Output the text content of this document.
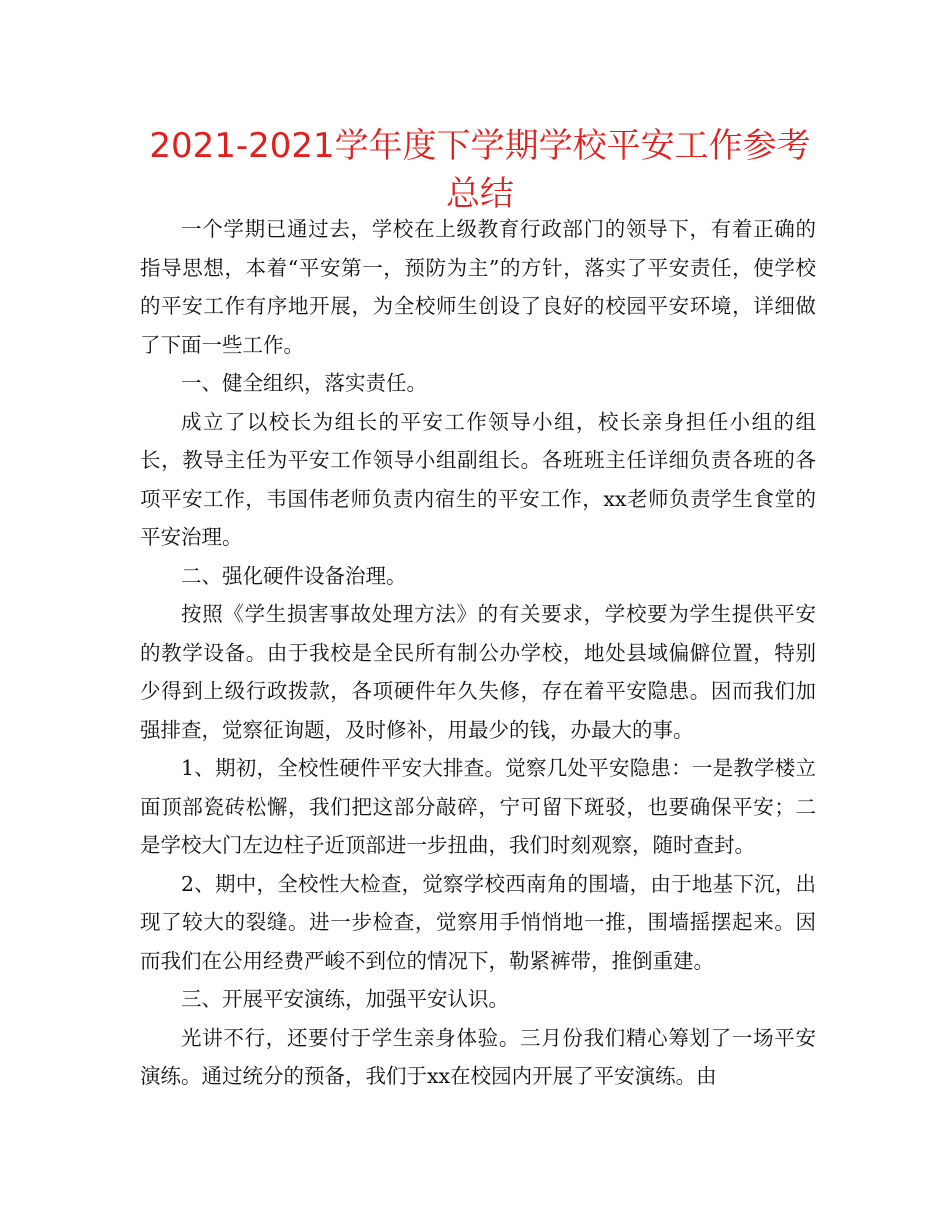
2021-2021学年度下学期学校平安工作参考总结

一个学期已通过去，学校在上级教育行政部门的领导下，有着正确的指导思想，本着“平安第一，预防为主”的方针，落实了平安责任，使学校的平安工作有序地开展，为全校师生创设了良好的校园平安环境，详细做了下面一些工作。

一、健全组织，落实责任。

成立了以校长为组长的平安工作领导小组，校长亲身担任小组的组长，教导主任为平安工作领导小组副组长。各班班主任详细负责各班的各项平安工作，韦国伟老师负责内宿生的平安工作，xx老师负责学生食堂的平安治理。

二、强化硬件设备治理。

按照《学生损害事故处理方法》的有关要求，学校要为学生提供平安的教学设备。由于我校是全民所有制公办学校，地处县域偏僻位置，特别少得到上级行政拨款，各项硬件年久失修，存在着平安隐患。因而我们加强排查，觉察征询题，及时修补，用最少的钱，办最大的事。

1、期初，全校性硬件平安大排查。觉察几处平安隐患：一是教学楼立面顶部瓷砖松懈，我们把这部分敲碎，宁可留下斑驳，也要确保平安；二是学校大门左边柱子近顶部进一步扭曲，我们时刻观察，随时查封。

2、期中，全校性大检查，觉察学校西南角的围墙，由于地基下沉，出现了较大的裂缝。进一步检查，觉察用手悄悄地一推，围墙摇摆起来。因而我们在公用经费严峻不到位的情况下，勒紧裤带，推倒重建。

三、开展平安演练，加强平安认识。

光讲不行，还要付于学生亲身体验。三月份我们精心筹划了一场平安演练。通过统分的预备，我们于xx在校园内开展了平安演练。由
